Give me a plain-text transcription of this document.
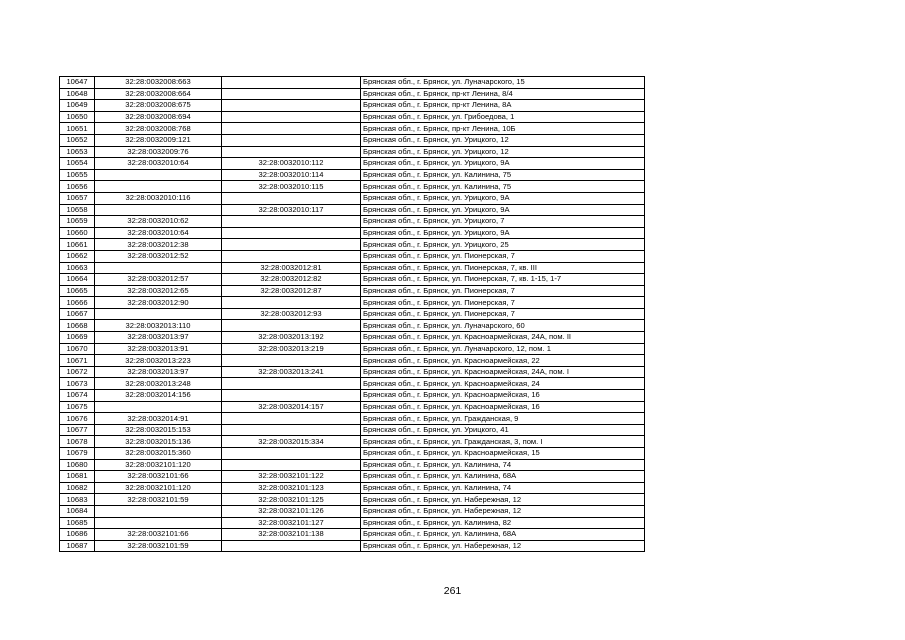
10647	32:28:0032008:663		Брянская обл., г. Брянск, ул. Луначарского, 15
10648	32:28:0032008:664		Брянская обл., г. Брянск, пр-кт Ленина, 8/4
10649	32:28:0032008:675		Брянская обл., г. Брянск, пр-кт Ленина, 8А
10650	32:28:0032008:694		Брянская обл., г. Брянск, ул. Грибоедова, 1
10651	32:28:0032008:768		Брянская обл., г. Брянск, пр-кт Ленина, 10Б
10652	32:28:0032009:121		Брянская обл., г. Брянск, ул. Урицкого, 12
10653	32:28:0032009:76		Брянская обл., г. Брянск, ул. Урицкого, 12
10654	32:28:0032010:64	32:28:0032010:112	Брянская обл., г. Брянск, ул. Урицкого, 9А
10655		32:28:0032010:114	Брянская обл., г. Брянск, ул. Калинина, 75
10656		32:28:0032010:115	Брянская обл., г. Брянск, ул. Калинина, 75
10657	32:28:0032010:116		Брянская обл., г. Брянск, ул. Урицкого, 9А
10658		32:28:0032010:117	Брянская обл., г. Брянск, ул. Урицкого, 9А
10659	32:28:0032010:62		Брянская обл., г. Брянск, ул. Урицкого, 7
10660	32:28:0032010:64		Брянская обл., г. Брянск, ул. Урицкого, 9А
10661	32:28:0032012:38		Брянская обл., г. Брянск, ул. Урицкого, 25
10662	32:28:0032012:52		Брянская обл., г. Брянск, ул. Пионерская, 7
10663		32:28:0032012:81	Брянская обл., г. Брянск, ул. Пионерская, 7, кв. III
10664	32:28:0032012:57	32:28:0032012:82	Брянская обл., г. Брянск, ул. Пионерская, 7, кв. 1-15, 1-7
10665	32:28:0032012:65	32:28:0032012:87	Брянская обл., г. Брянск, ул. Пионерская, 7
10666	32:28:0032012:90		Брянская обл., г. Брянск, ул. Пионерская, 7
10667		32:28:0032012:93	Брянская обл., г. Брянск, ул. Пионерская, 7
10668	32:28:0032013:110		Брянская обл., г. Брянск, ул. Луначарского, 60
10669	32:28:0032013:97	32:28:0032013:192	Брянская обл., г. Брянск, ул. Красноармейская, 24А, пом. II
10670	32:28:0032013:91	32:28:0032013:219	Брянская обл., г. Брянск, ул. Луначарского, 12, пом. 1
10671	32:28:0032013:223		Брянская обл., г. Брянск, ул. Красноармейская, 22
10672	32:28:0032013:97	32:28:0032013:241	Брянская обл., г. Брянск, ул. Красноармейская, 24А, пом. I
10673	32:28:0032013:248		Брянская обл., г. Брянск, ул. Красноармейская, 24
10674	32:28:0032014:156		Брянская обл., г. Брянск, ул. Красноармейская, 16
10675		32:28:0032014:157	Брянская обл., г. Брянск, ул. Красноармейская, 16
10676	32:28:0032014:91		Брянская обл., г. Брянск, ул. Гражданская, 9
10677	32:28:0032015:153		Брянская обл., г. Брянск, ул. Урицкого, 41
10678	32:28:0032015:136	32:28:0032015:334	Брянская обл., г. Брянск, ул. Гражданская, 3, пом. I
10679	32:28:0032015:360		Брянская обл., г. Брянск, ул. Красноармейская, 15
10680	32:28:0032101:120		Брянская обл., г. Брянск, ул. Калинина, 74
10681	32:28:0032101:66	32:28:0032101:122	Брянская обл., г. Брянск, ул. Калинина, 68А
10682	32:28:0032101:120	32:28:0032101:123	Брянская обл., г. Брянск, ул. Калинина, 74
10683	32:28:0032101:59	32:28:0032101:125	Брянская обл., г. Брянск, ул. Набережная, 12
10684		32:28:0032101:126	Брянская обл., г. Брянск, ул. Набережная, 12
10685		32:28:0032101:127	Брянская обл., г. Брянск, ул. Калинина, 82
10686	32:28:0032101:66	32:28:0032101:138	Брянская обл., г. Брянск, ул. Калинина, 68А
10687	32:28:0032101:59		Брянская обл., г. Брянск, ул. Набережная, 12
261
